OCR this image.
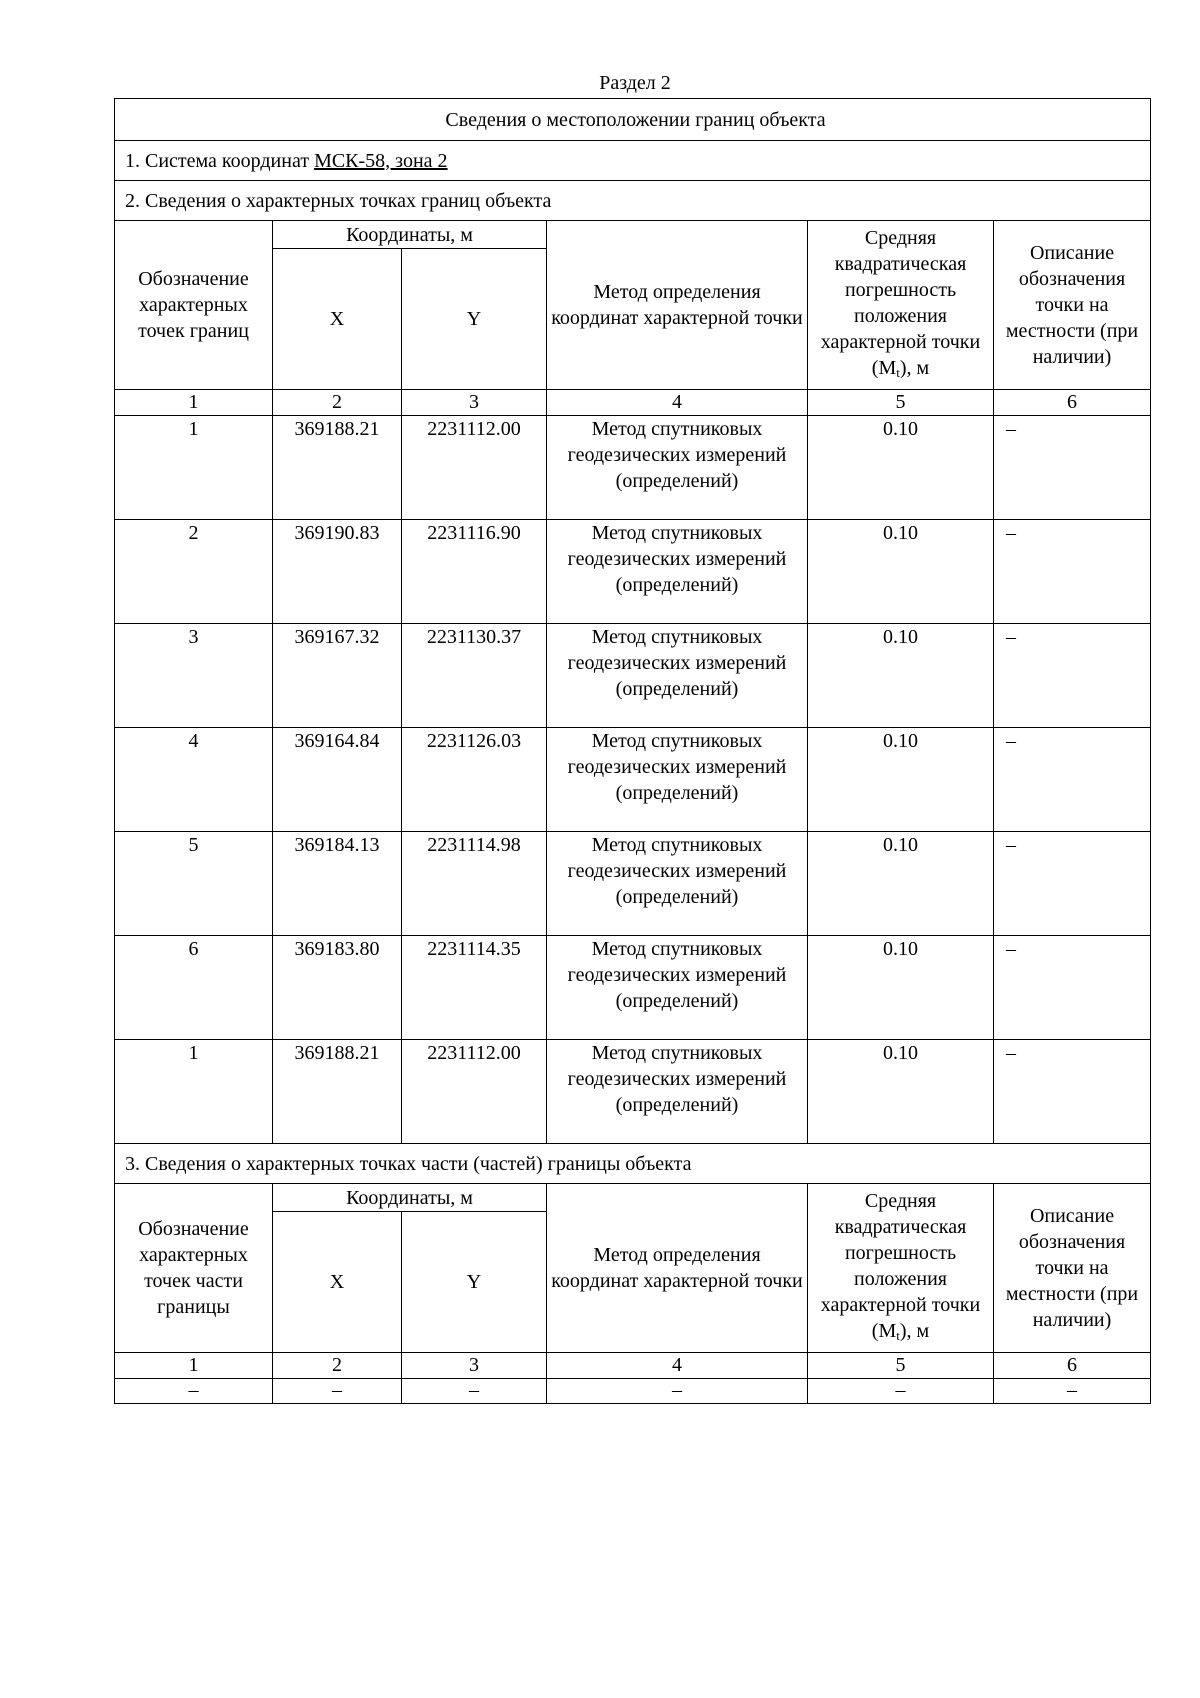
Раздел 2
Сведения о местоположении границ объекта					
1. Система координат МСК-58, зона 2					
2. Сведения о характерных точках границ объекта					
Обозначение характерных точек границ	Координаты, м		Метод определения координат характерной точки	Средняя квадратическая погрешность положения характерной точки $(M_t)$, м	Описание обозначения точки на местности (при наличии)
	X	Y			
1	2	3	4	5	6
1	369188.21	2231112.00	Метод спутниковых геодезических измерений (определений)	0.10	–
2	369190.83	2231116.90	Метод спутниковых геодезических измерений (определений)	0.10	–
3	369167.32	2231130.37	Метод спутниковых геодезических измерений (определений)	0.10	–
4	369164.84	2231126.03	Метод спутниковых геодезических измерений (определений)	0.10	–
5	369184.13	2231114.98	Метод спутниковых геодезических измерений (определений)	0.10	–
6	369183.80	2231114.35	Метод спутниковых геодезических измерений (определений)	0.10	–
1	369188.21	2231112.00	Метод спутниковых геодезических измерений (определений)	0.10	–
3. Сведения о характерных точках части (частей) границы объекта					
Обозначение характерных точек части границы	Координаты, м		Метод определения координат характерной точки	Средняя квадратическая погрешность положения характерной точки $(M_t)$, м	Описание обозначения точки на местности (при наличии)
	X	Y			
1	2	3	4	5	6
–	–	–	–	–	–
